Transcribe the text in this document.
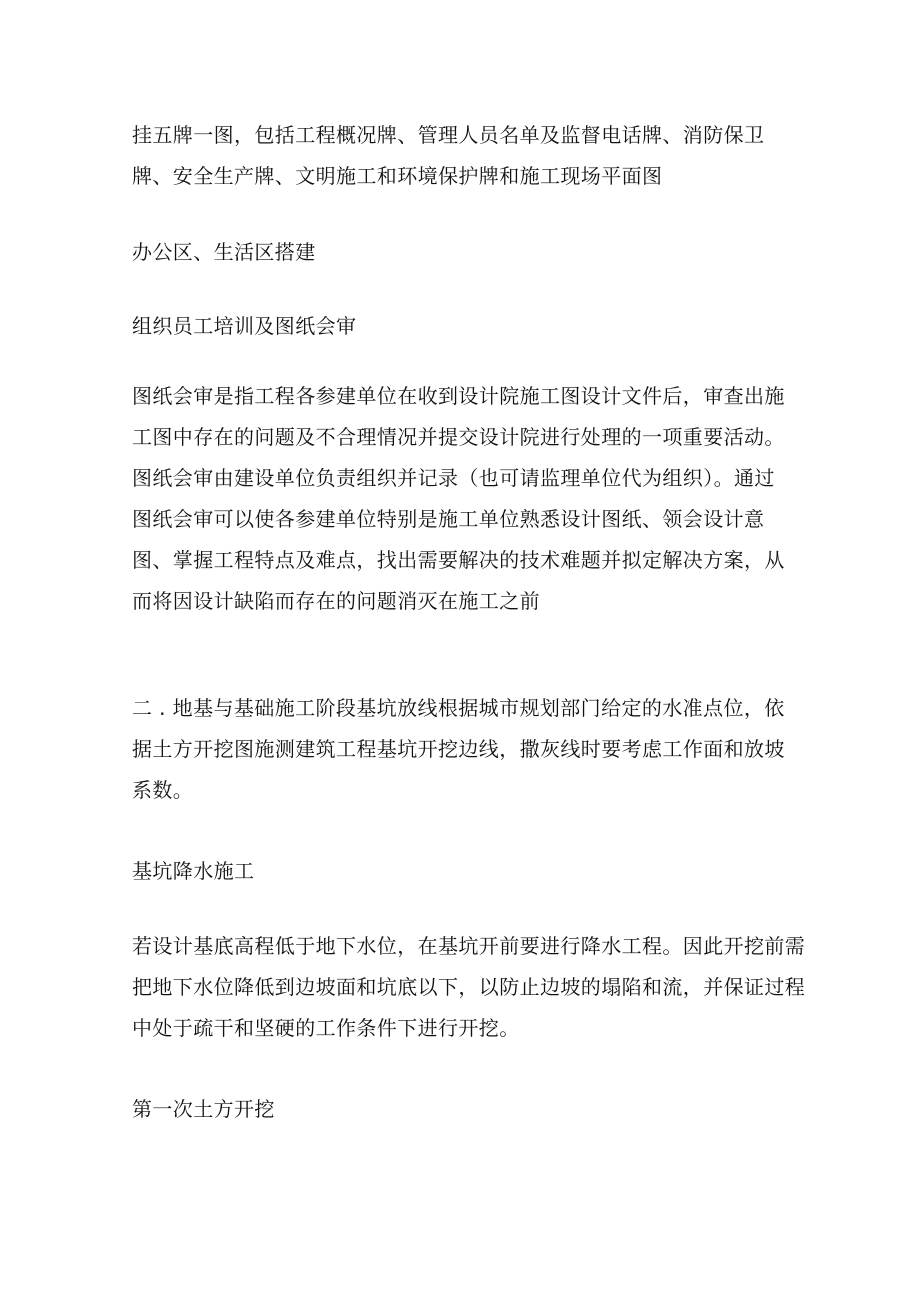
挂五牌一图，包括工程概况牌、管理人员名单及监督电话牌、消防保卫
牌、安全生产牌、文明施工和环境保护牌和施工现场平面图

办公区、生活区搭建

组织员工培训及图纸会审

图纸会审是指工程各参建单位在收到设计院施工图设计文件后，审查出施
工图中存在的问题及不合理情况并提交设计院进行处理的一项重要活动。
图纸会审由建设单位负责组织并记录（也可请监理单位代为组织）。通过
图纸会审可以使各参建单位特别是施工单位熟悉设计图纸、领会设计意
图、掌握工程特点及难点，找出需要解决的技术难题并拟定解决方案，从
而将因设计缺陷而存在的问题消灭在施工之前

二 . 地基与基础施工阶段基坑放线根据城市规划部门给定的水准点位，依
据土方开挖图施测建筑工程基坑开挖边线，撒灰线时要考虑工作面和放坡
系数。

基坑降水施工

若设计基底高程低于地下水位，在基坑开前要进行降水工程。因此开挖前需
把地下水位降低到边坡面和坑底以下，以防止边坡的塌陷和流，并保证过程
中处于疏干和坚硬的工作条件下进行开挖。

第一次土方开挖
